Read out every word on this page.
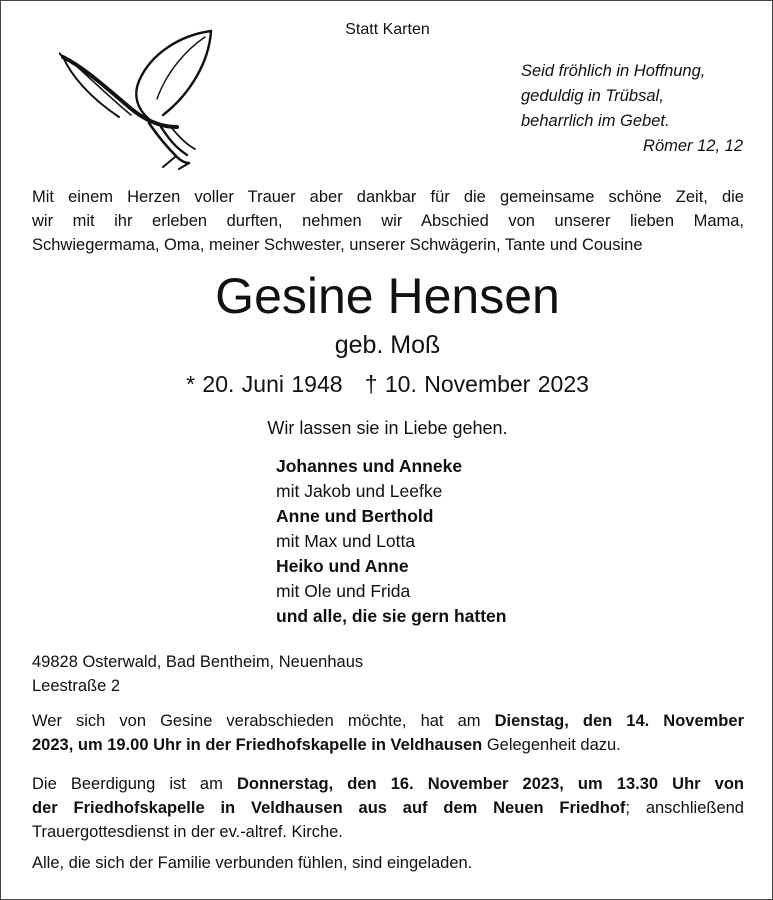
Statt Karten
Seid fröhlich in Hoffnung,
geduldig in Trübsal,
beharrlich im Gebet.
Römer 12, 12
Mit einem Herzen voller Trauer aber dankbar für die gemeinsame schöne Zeit, die
wir mit ihr erleben durften, nehmen wir Abschied von unserer lieben Mama,
Schwiegermama, Oma, meiner Schwester, unserer Schwägerin, Tante und Cousine
Gesine Hensen
geb. Moß
* 20. Juni 1948 † 10. November 2023
Wir lassen sie in Liebe gehen.
Johannes und Anneke
mit Jakob und Leefke
Anne und Berthold
mit Max und Lotta
Heiko und Anne
mit Ole und Frida
und alle, die sie gern hatten
49828 Osterwald, Bad Bentheim, Neuenhaus
Leestraße 2
Wer sich von Gesine verabschieden möchte, hat am Dienstag, den 14. November
2023, um 19.00 Uhr in der Friedhofskapelle in Veldhausen Gelegenheit dazu.
Die Beerdigung ist am Donnerstag, den 16. November 2023, um 13.30 Uhr von
der Friedhofskapelle in Veldhausen aus auf dem Neuen Friedhof; anschließend
Trauergottesdienst in der ev.-altref. Kirche.
Alle, die sich der Familie verbunden fühlen, sind eingeladen.
